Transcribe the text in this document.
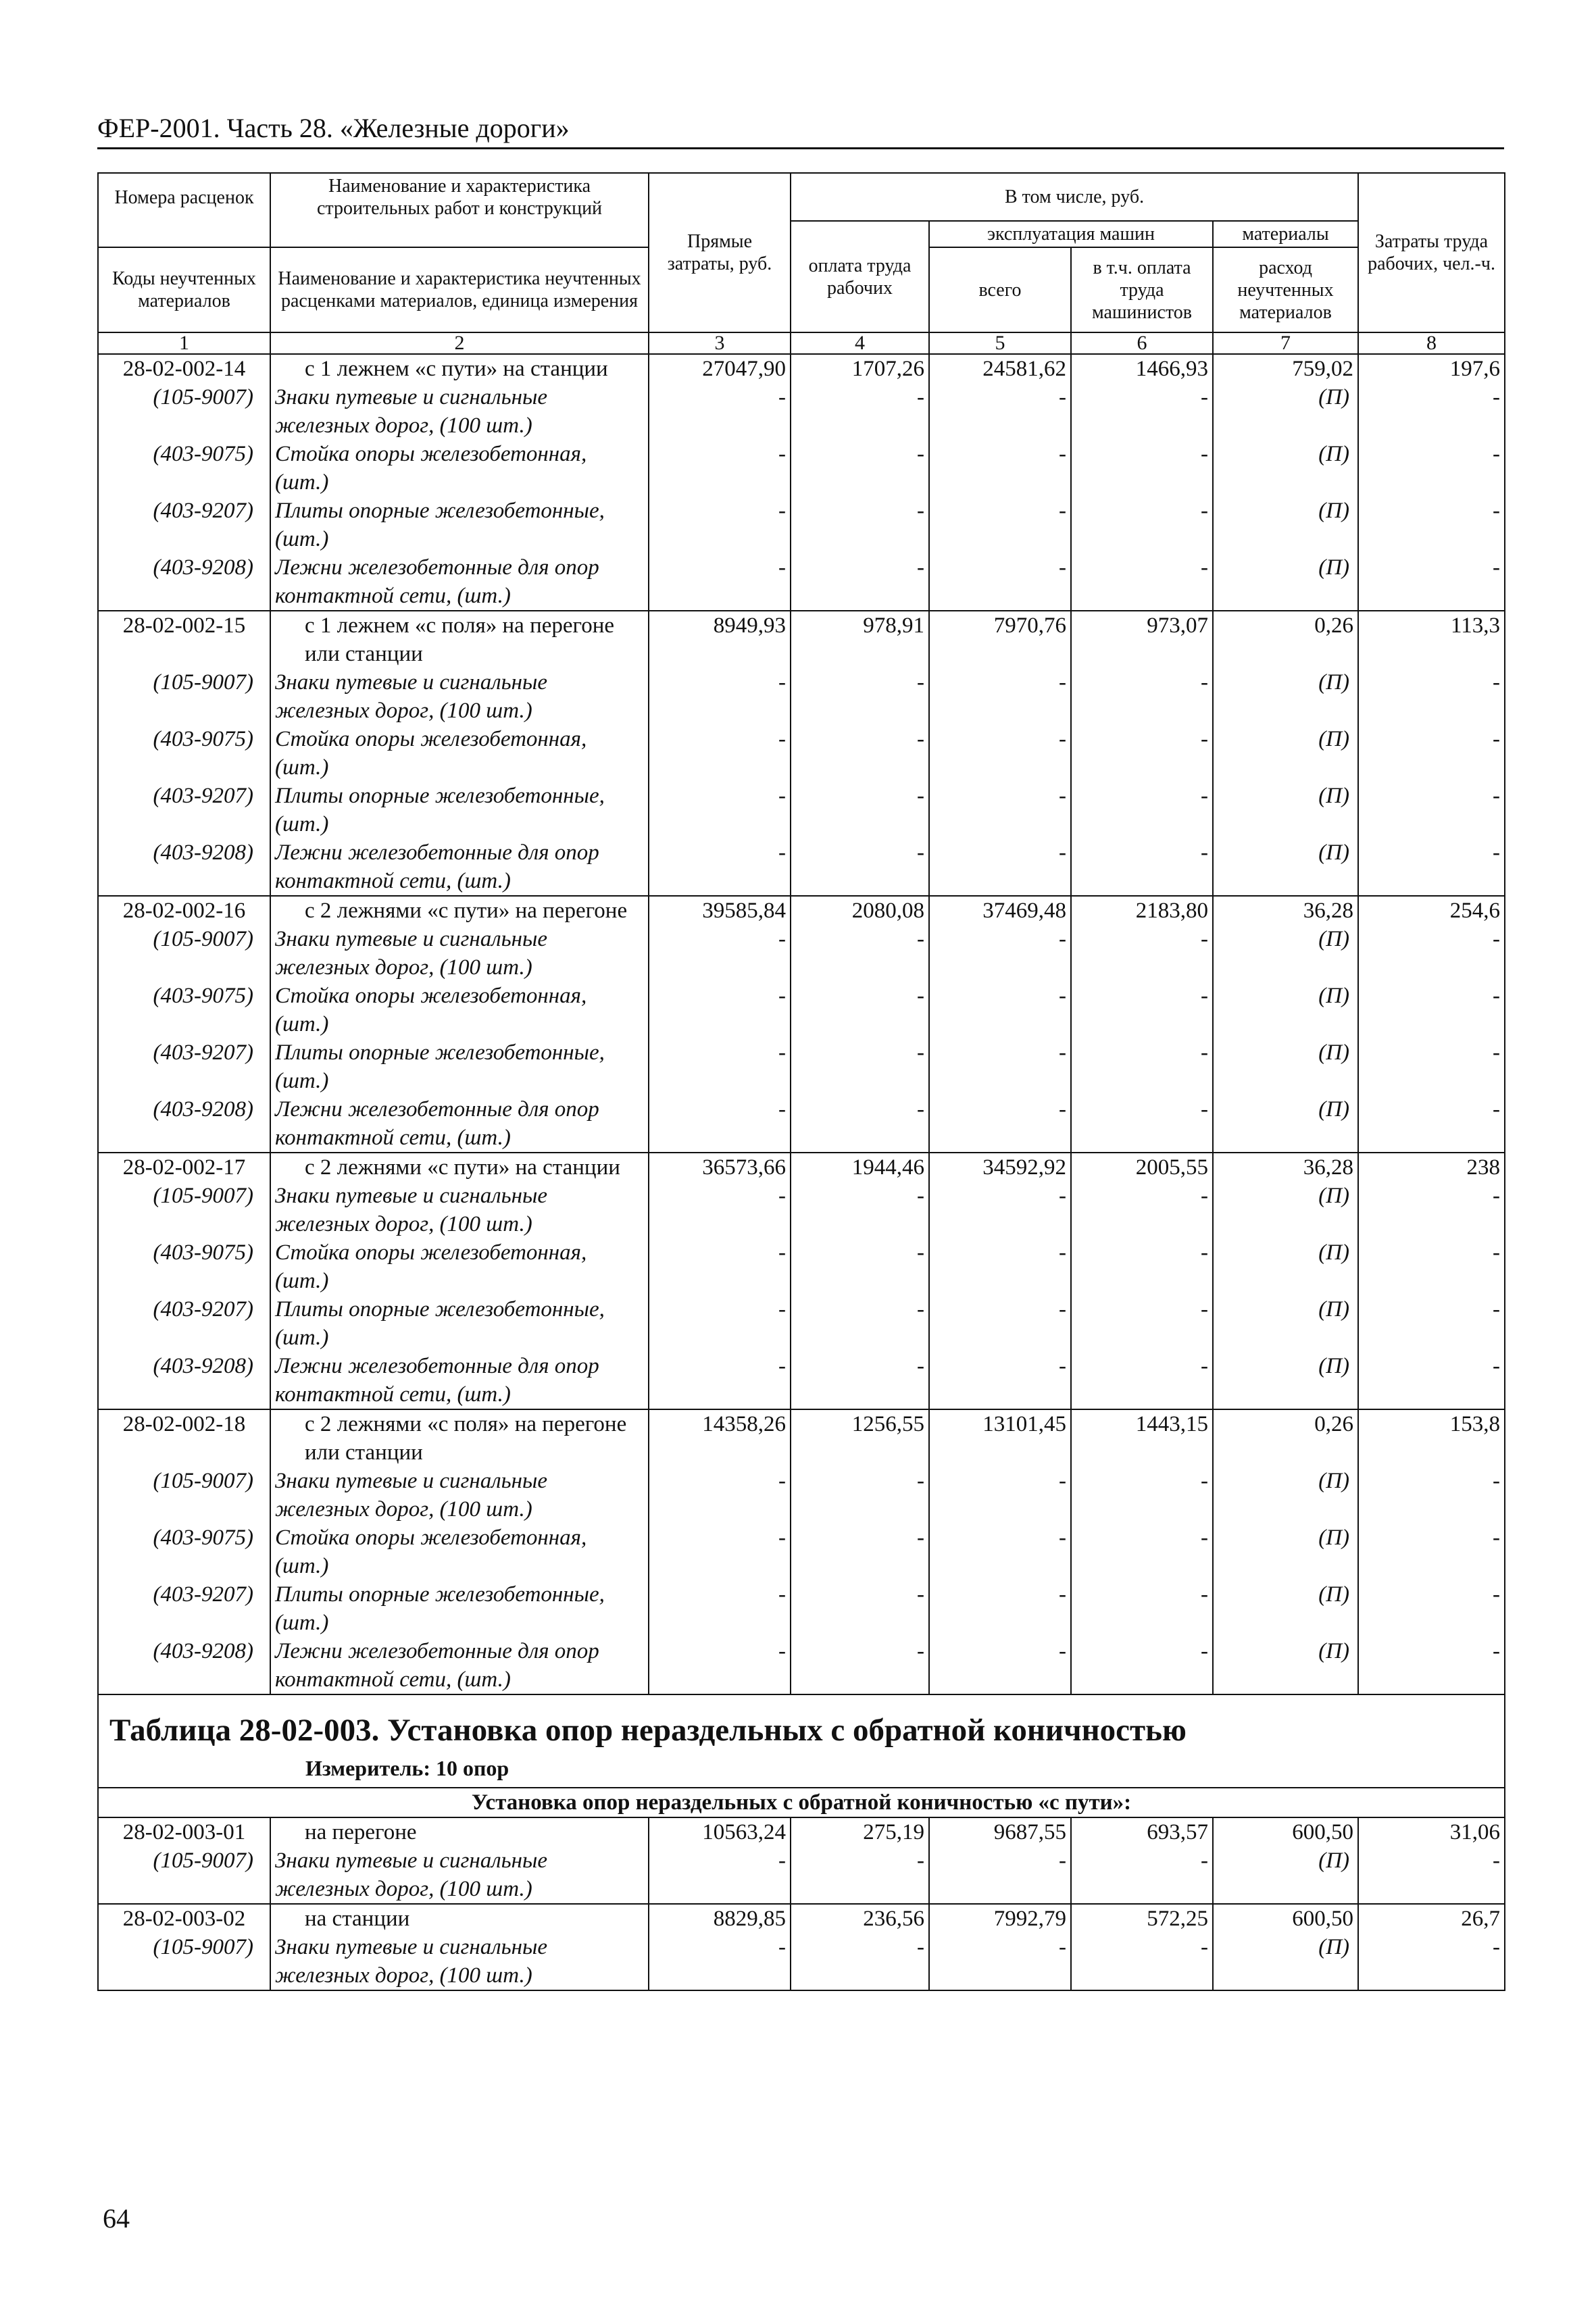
ФЕР-2001. Часть 28. «Железные дороги»
Номера расценок	Наименование и характеристика строительных работ и конструкций	Прямые затраты, руб.	В том числе, руб.				Затраты труда рабочих, чел.-ч.
			оплата труда рабочих	эксплуатация машин		материалы	
Коды неучтенных материалов	Наименование и характеристика неучтенных расценками материалов, единица измерения			всего	в т.ч. оплата труда машинистов	расход неучтенных материалов	
1	2	3	4	5	6	7	8
28-02-002-14	с 1 лежнем «с пути» на станции	27047,90	1707,26	24581,62	1466,93	759,02	197,6
(105-9007)	Знаки путевые и сигнальные железных дорог, (100 шт.)	-	-	-	-	(П)	-
(403-9075)	Стойка опоры железобетонная, (шт.)	-	-	-	-	(П)	-
(403-9207)	Плиты опорные железобетонные, (шт.)	-	-	-	-	(П)	-
(403-9208)	Лежни железобетонные для опор контактной сети, (шт.)	-	-	-	-	(П)	-
28-02-002-15	с 1 лежнем «с поля» на перегоне или станции	8949,93	978,91	7970,76	973,07	0,26	113,3
(105-9007)	Знаки путевые и сигнальные железных дорог, (100 шт.)	-	-	-	-	(П)	-
(403-9075)	Стойка опоры железобетонная, (шт.)	-	-	-	-	(П)	-
(403-9207)	Плиты опорные железобетонные, (шт.)	-	-	-	-	(П)	-
(403-9208)	Лежни железобетонные для опор контактной сети, (шт.)	-	-	-	-	(П)	-
28-02-002-16	с 2 лежнями «с пути» на перегоне	39585,84	2080,08	37469,48	2183,80	36,28	254,6
(105-9007)	Знаки путевые и сигнальные железных дорог, (100 шт.)	-	-	-	-	(П)	-
(403-9075)	Стойка опоры железобетонная, (шт.)	-	-	-	-	(П)	-
(403-9207)	Плиты опорные железобетонные, (шт.)	-	-	-	-	(П)	-
(403-9208)	Лежни железобетонные для опор контактной сети, (шт.)	-	-	-	-	(П)	-
28-02-002-17	с 2 лежнями «с пути» на станции	36573,66	1944,46	34592,92	2005,55	36,28	238
(105-9007)	Знаки путевые и сигнальные железных дорог, (100 шт.)	-	-	-	-	(П)	-
(403-9075)	Стойка опоры железобетонная, (шт.)	-	-	-	-	(П)	-
(403-9207)	Плиты опорные железобетонные, (шт.)	-	-	-	-	(П)	-
(403-9208)	Лежни железобетонные для опор контактной сети, (шт.)	-	-	-	-	(П)	-
28-02-002-18	с 2 лежнями «с поля» на перегоне или станции	14358,26	1256,55	13101,45	1443,15	0,26	153,8
(105-9007)	Знаки путевые и сигнальные железных дорог, (100 шт.)	-	-	-	-	(П)	-
(403-9075)	Стойка опоры железобетонная, (шт.)	-	-	-	-	(П)	-
(403-9207)	Плиты опорные железобетонные, (шт.)	-	-	-	-	(П)	-
(403-9208)	Лежни железобетонные для опор контактной сети, (шт.)	-	-	-	-	(П)	-

Таблица 28-02-003. Установка опор нераздельных с обратной коничностью
Измеритель: 10 опор							

Установка опор нераздельных с обратной коничностью «с пути»:							
28-02-003-01	на перегоне	10563,24	275,19	9687,55	693,57	600,50	31,06
(105-9007)	Знаки путевые и сигнальные железных дорог, (100 шт.)	-	-	-	-	(П)	-
28-02-003-02	на станции	8829,85	236,56	7992,79	572,25	600,50	26,7
(105-9007)	Знаки путевые и сигнальные железных дорог, (100 шт.)	-	-	-	-	(П)	-
64
